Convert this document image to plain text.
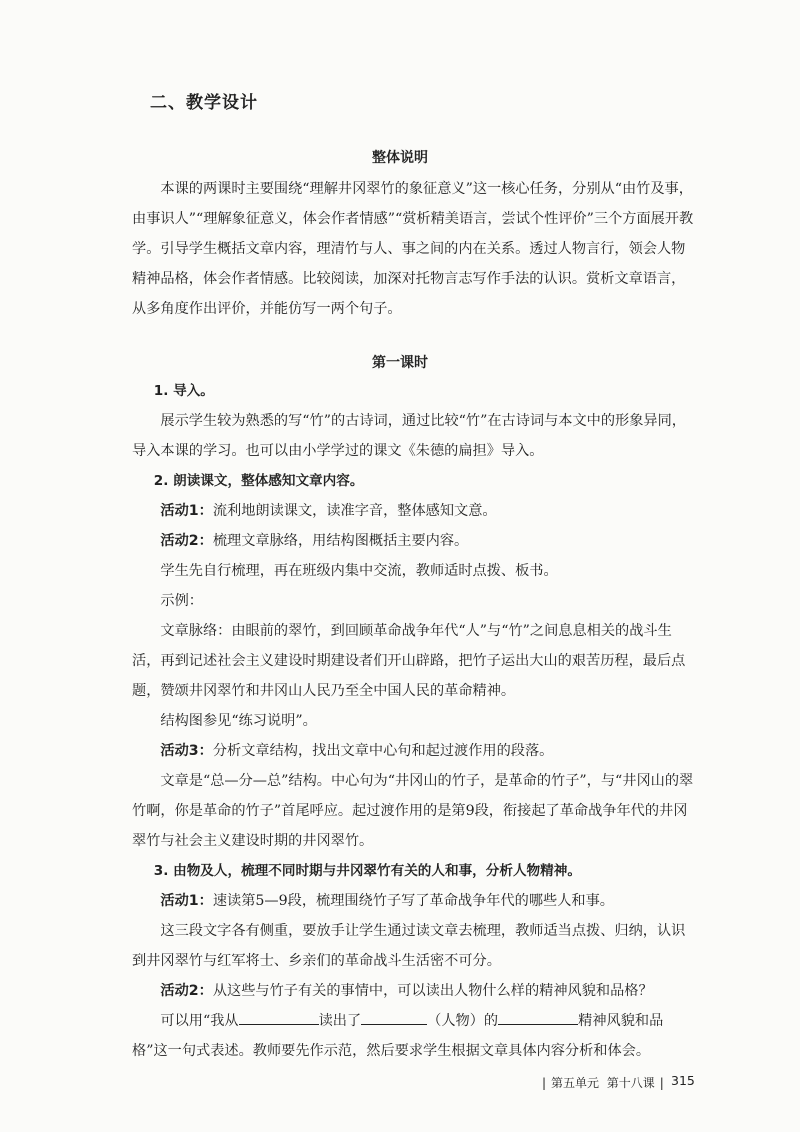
二、教学设计
整体说明

本课的两课时主要围绕“理解井冈翠竹的象征意义”这一核心任务，分别从“由竹及事，由事识人”“理解象征意义，体会作者情感”“赏析精美语言，尝试个性评价”三个方面展开教学。引导学生概括文章内容，理清竹与人、事之间的内在关系。透过人物言行，领会人物精神品格，体会作者情感。比较阅读，加深对托物言志写作手法的认识。赏析文章语言，从多角度作出评价，并能仿写一两个句子。

第一课时

1. 导入。

展示学生较为熟悉的写“竹”的古诗词，通过比较“竹”在古诗词与本文中的形象异同，导入本课的学习。也可以由小学学过的课文《朱德的扁担》导入。

2. 朗读课文，整体感知文章内容。

活动1：流利地朗读课文，读准字音，整体感知文意。

活动2：梳理文章脉络，用结构图概括主要内容。

学生先自行梳理，再在班级内集中交流，教师适时点拨、板书。

示例：

文章脉络：由眼前的翠竹，到回顾革命战争年代“人”与“竹”之间息息相关的战斗生活，再到记述社会主义建设时期建设者们开山辟路，把竹子运出大山的艰苦历程，最后点题，赞颂井冈翠竹和井冈山人民乃至全中国人民的革命精神。

结构图参见“练习说明”。

活动3：分析文章结构，找出文章中心句和起过渡作用的段落。

文章是“总—分—总”结构。中心句为“井冈山的竹子，是革命的竹子”，与“井冈山的翠竹啊，你是革命的竹子”首尾呼应。起过渡作用的是第9段，衔接起了革命战争年代的井冈翠竹与社会主义建设时期的井冈翠竹。

3. 由物及人，梳理不同时期与井冈翠竹有关的人和事，分析人物精神。

活动1：速读第5—9段，梳理围绕竹子写了革命战争年代的哪些人和事。

这三段文字各有侧重，要放手让学生通过读文章去梳理，教师适当点拨、归纳，认识到井冈翠竹与红军将士、乡亲们的革命战斗生活密不可分。

活动2：从这些与竹子有关的事情中，可以读出人物什么样的精神风貌和品格？

可以用“我从	读出了	（人物）的	精神风貌和品格”这一句式表述。教师要先作示范，然后要求学生根据文章具体内容分析和体会。

| 第五单元 第十八课 | 315
